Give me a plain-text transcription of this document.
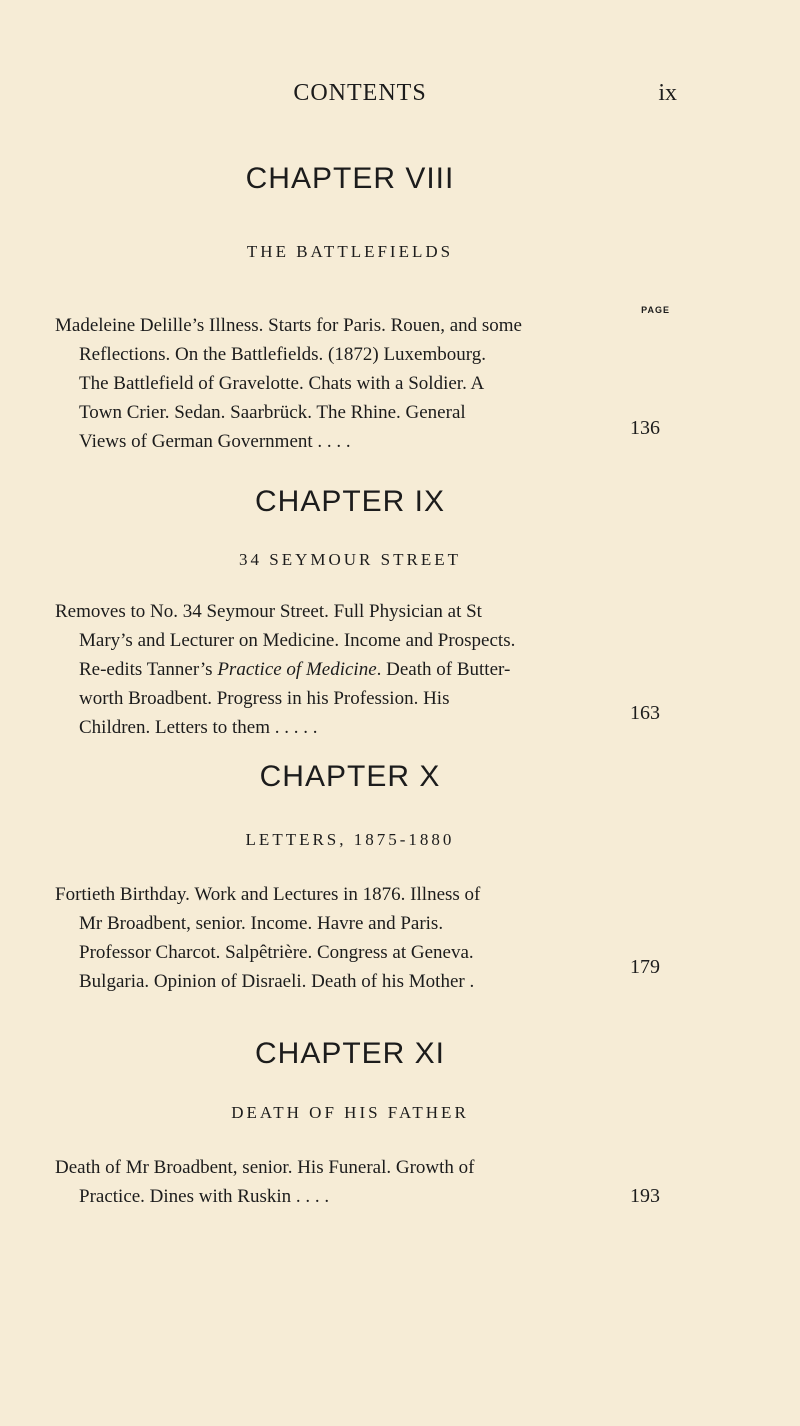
CONTENTS	ix
PAGE
CHAPTER VIII
THE BATTLEFIELDS
Madeleine Delille’s Illness. Starts for Paris. Rouen, and some
Reflections. On the Battlefields. (1872) Luxembourg.
The Battlefield of Gravelotte. Chats with a Soldier. A
Town Crier. Sedan. Saarbrück. The Rhine. General
Views of German Government . . . .
136
CHAPTER IX
34 SEYMOUR STREET
Removes to No. 34 Seymour Street. Full Physician at St
Mary’s and Lecturer on Medicine. Income and Prospects.
Re-edits Tanner’s Practice of Medicine. Death of Butter-
worth Broadbent. Progress in his Profession. His
Children. Letters to them . . . . .
163
CHAPTER X
LETTERS, 1875-1880
Fortieth Birthday. Work and Lectures in 1876. Illness of
Mr Broadbent, senior. Income. Havre and Paris.
Professor Charcot. Salpêtrière. Congress at Geneva.
Bulgaria. Opinion of Disraeli. Death of his Mother .
179
CHAPTER XI
DEATH OF HIS FATHER
Death of Mr Broadbent, senior. His Funeral. Growth of
Practice. Dines with Ruskin . . . .	193
